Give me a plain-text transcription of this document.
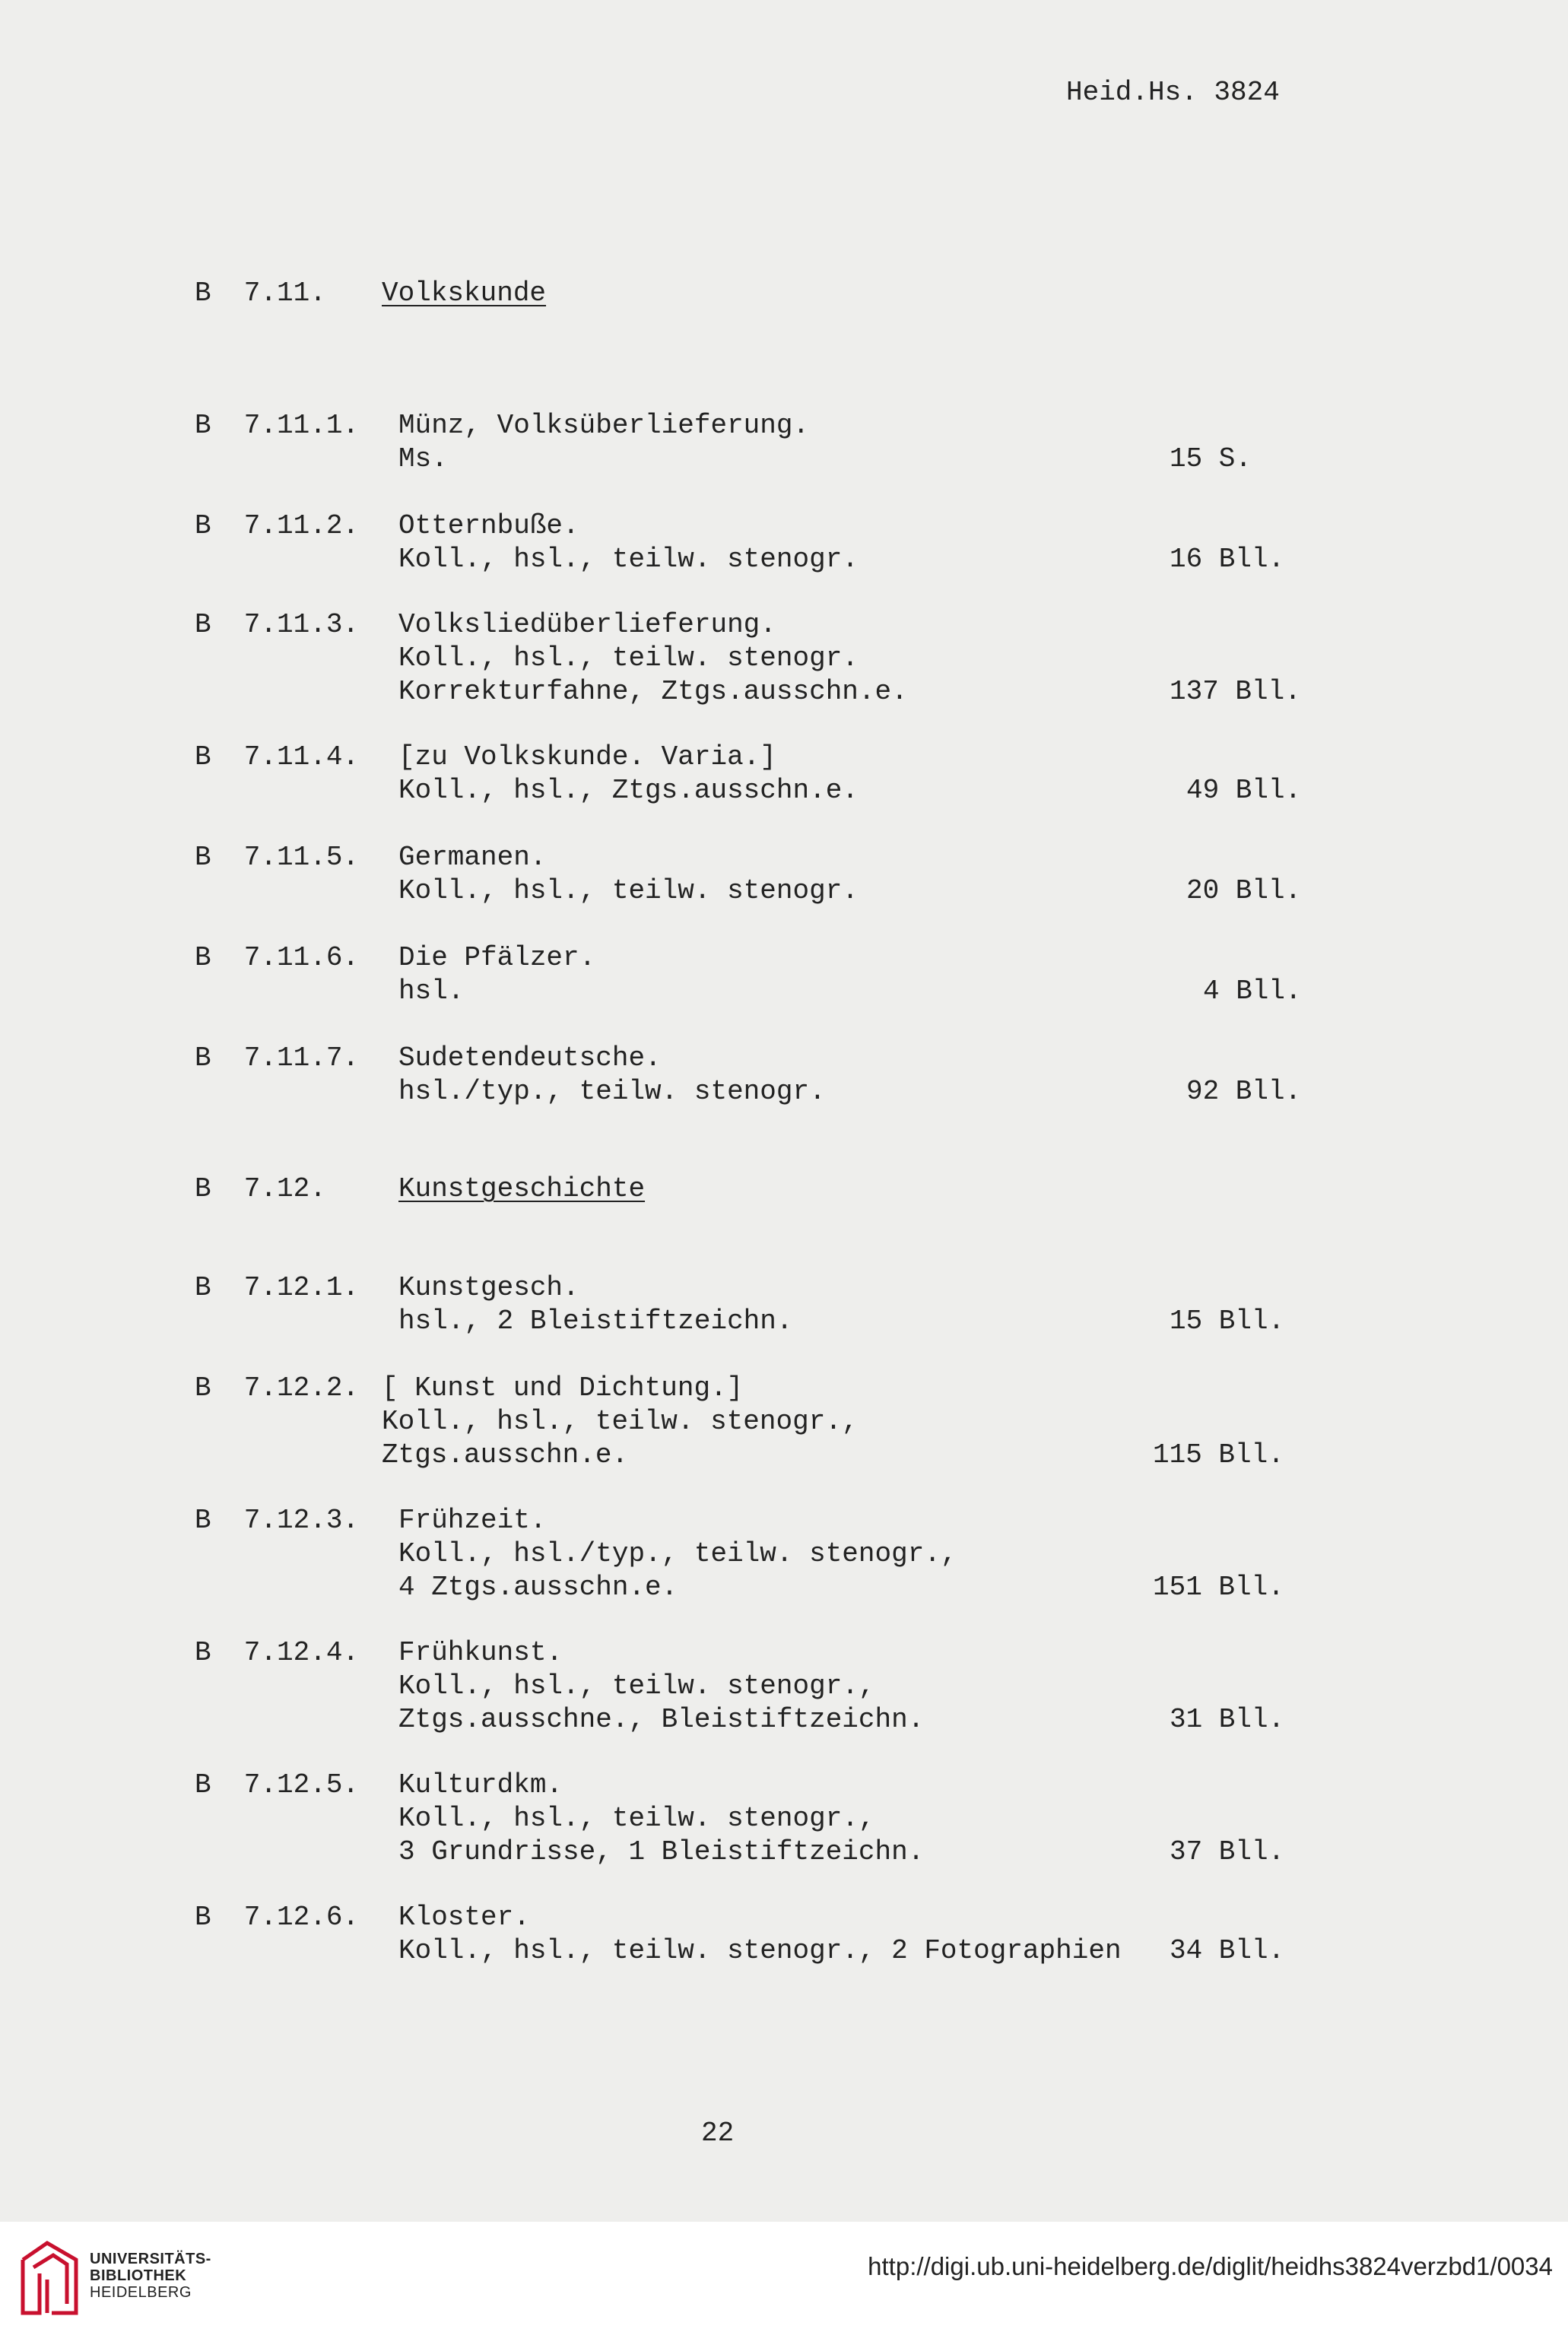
Heid.Hs. 3824
B  7.11. Volkskunde
B  7.11.1. Münz, Volksüberlieferung.
Ms.	15 S.
B  7.11.2. Otternbuße.
Koll., hsl., teilw. stenogr.	16 Bll.
B  7.11.3. Volksliedüberlieferung.
Koll., hsl., teilw. stenogr.
Korrekturfahne, Ztgs.ausschn.e.	137 Bll.
B  7.11.4. [zu Volkskunde. Varia.]
Koll., hsl., Ztgs.ausschn.e.	49 Bll.
B  7.11.5. Germanen.
Koll., hsl., teilw. stenogr.	20 Bll.
B  7.11.6. Die Pfälzer.
hsl.	4 Bll.
B  7.11.7. Sudetendeutsche.
hsl./typ., teilw. stenogr.	92 Bll.
B  7.12.	Kunstgeschichte
B  7.12.1. Kunstgesch.
hsl., 2 Bleistiftzeichn.	15 Bll.
B  7.12.2. [ Kunst und Dichtung.]
Koll., hsl., teilw. stenogr.,
Ztgs.ausschn.e.	115 Bll.
B  7.12.3. Frühzeit.
Koll., hsl./typ., teilw. stenogr.,
4 Ztgs.ausschn.e.	151 Bll.
B  7.12.4. Frühkunst.
Koll., hsl., teilw. stenogr.,
Ztgs.ausschne., Bleistiftzeichn.	31 Bll.
B  7.12.5. Kulturdkm.
Koll., hsl., teilw. stenogr.,
3 Grundrisse, 1 Bleistiftzeichn.	37 Bll.
B  7.12.6. Kloster.
Koll., hsl., teilw. stenogr., 2 Fotographien 34 Bll.
22
UNIVERSITÄTS-
BIBLIOTHEK
HEIDELBERG
http://digi.ub.uni-heidelberg.de/diglit/heidhs3824verzbd1/0034
